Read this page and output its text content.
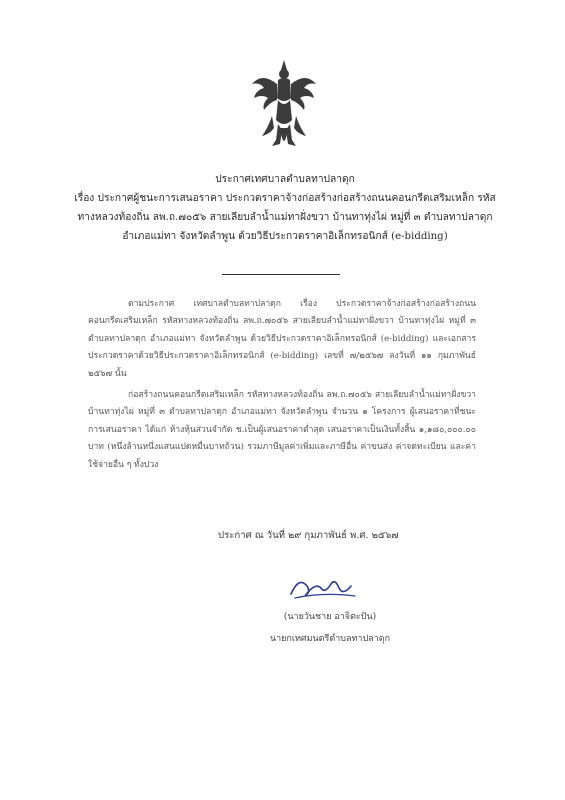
ประกาศเทศบาลตำบลทาปลาดุก
เรื่อง ประกาศผู้ชนะการเสนอราคา ประกวดราคาจ้างก่อสร้างก่อสร้างถนนคอนกรีตเสริมเหล็ก รหัส
ทางหลวงท้องถิ่น ลพ.ถ.๗๐๕๖ สายเลียบลำน้ำแม่ทาฝั่งขวา บ้านทาทุ่งไผ่ หมู่ที่ ๓ ตำบลทาปลาดุก
อำเภอแม่ทา จังหวัดลำพูน ด้วยวิธีประกวดราคาอิเล็กทรอนิกส์ (e-bidding)

ตามประกาศ เทศบาลตำบลทาปลาดุก เรื่อง ประกวดราคาจ้างก่อสร้างก่อสร้างถนนคอนกรีตเสริมเหล็ก รหัสทางหลวงท้องถิ่น ลพ.ถ.๗๐๕๖ สายเลียบลำน้ำแม่ทาฝั่งขวา บ้านทาทุ่งไผ่ หมู่ที่ ๓ ตำบลทาปลาดุก อำเภอแม่ทา จังหวัดลำพูน ด้วยวิธีประกวดราคาอิเล็กทรอนิกส์ (e-bidding) และเอกสารประกวดราคาด้วยวิธีประกวดราคาอิเล็กทรอนิกส์ (e-bidding) เลขที่ ๗/๒๕๖๗ ลงวันที่ ๑๑ กุมภาพันธ์ ๒๕๖๗ นั้น

ก่อสร้างถนนคอนกรีตเสริมเหล็ก รหัสทางหลวงท้องถิ่น ลพ.ถ.๗๐๕๖ สายเลียบลำน้ำแม่ทาฝั่งขวา บ้านทาทุ่งไผ่ หมู่ที่ ๓ ตำบลทาปลาดุก อำเภอแม่ทา จังหวัดลำพูน จำนวน ๑ โครงการ ผู้เสนอราคาที่ชนะการเสนอราคา ได้แก่ ห้างหุ้นส่วนจำกัด ช.เป็นผู้เสนอราคาต่ำสุด เสนอราคาเป็นเงินทั้งสิ้น ๑,๑๘๐,๐๐๐.๐๐ บาท (หนึ่งล้านหนึ่งแสนแปดหมื่นบาทถ้วน) รวมภาษีมูลค่าเพิ่มและภาษีอื่น ค่าขนส่ง ค่าจดทะเบียน และค่าใช้จ่ายอื่น ๆ ทั้งปวง

ประกาศ ณ วันที่ ๒๙ กุมภาพันธ์ พ.ศ. ๒๕๖๗
(นายวันชาย อาจิตะปัน)
นายกเทศมนตรีตำบลทาปลาดุก
